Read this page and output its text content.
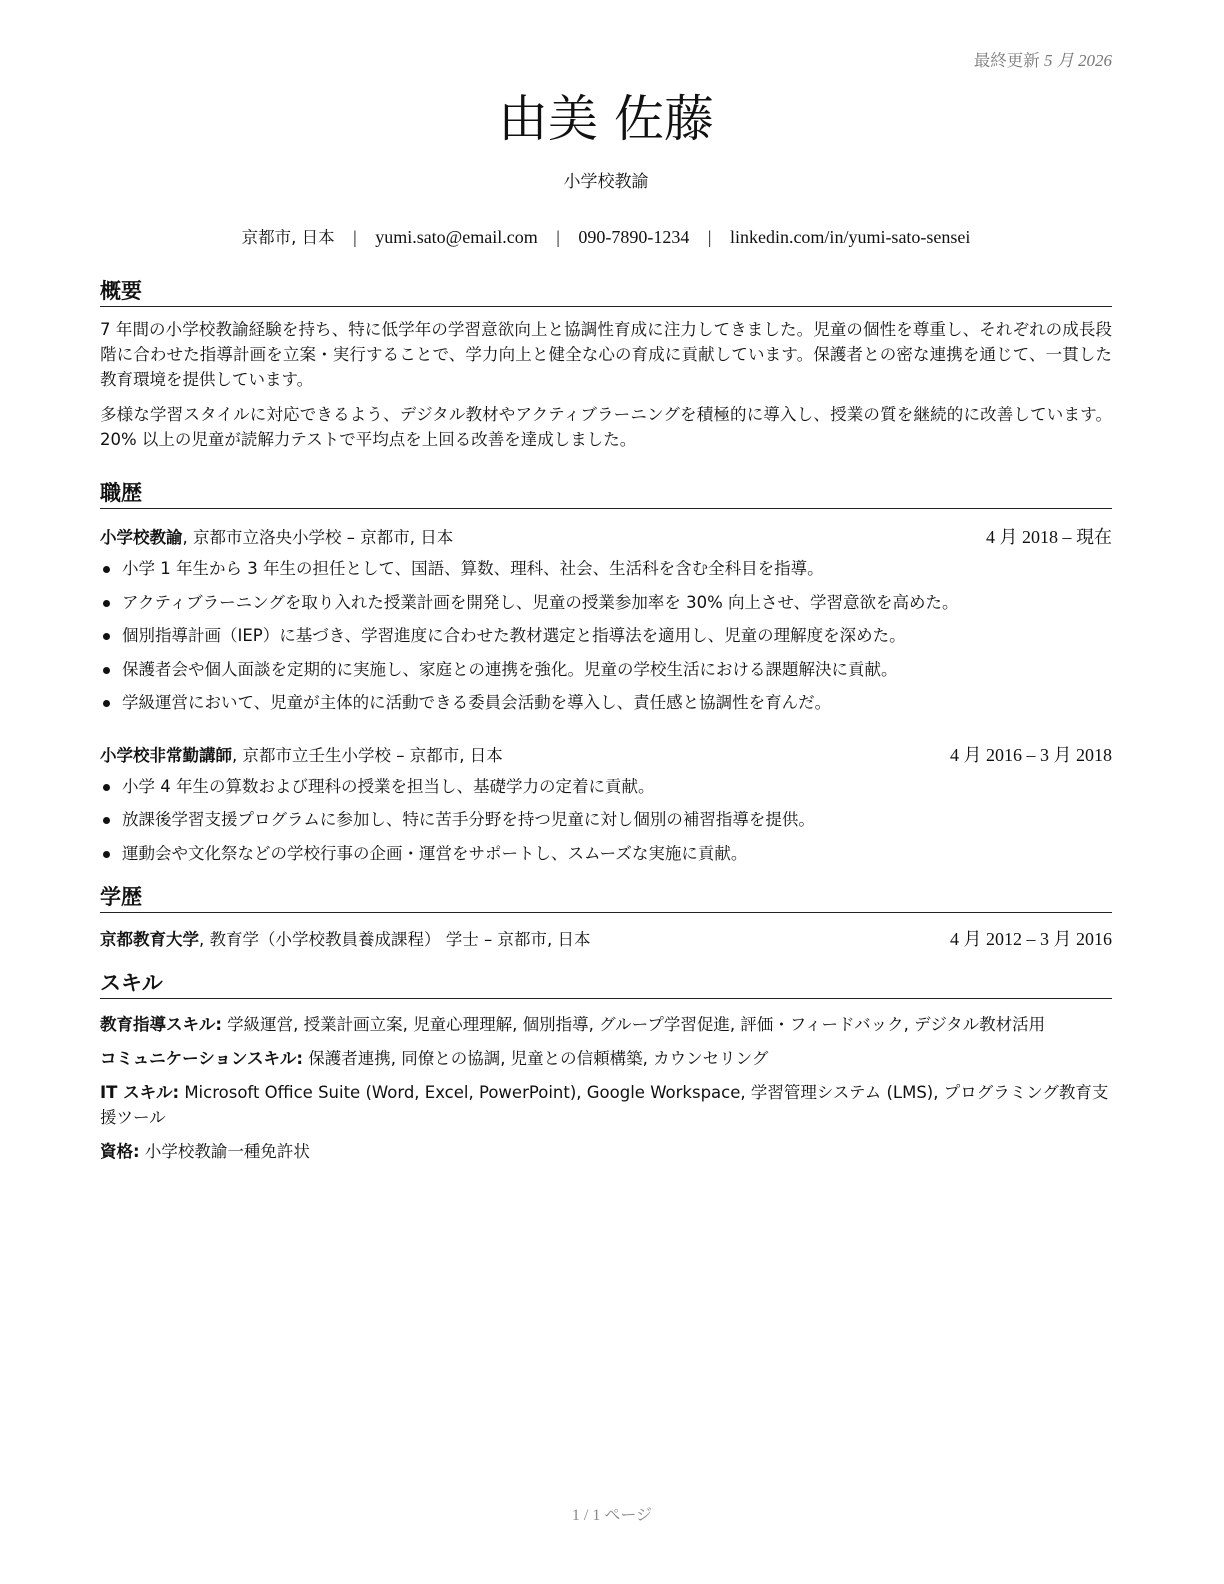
最終更新 5 月 2026
由美 佐藤
小学校教諭
京都市, 日本 | yumi.sato@email.com | 090-7890-1234 | linkedin.com/in/yumi-sato-sensei
概要

7 年間の小学校教諭経験を持ち、特に低学年の学習意欲向上と協調性育成に注力してきました。児童の個性を尊重し、それぞれの成長段階に合わせた指導計画を立案・実行することで、学力向上と健全な心の育成に貢献しています。保護者との密な連携を通じて、一貫した教育環境を提供しています。

多様な学習スタイルに対応できるよう、デジタル教材やアクティブラーニングを積極的に導入し、授業の質を継続的に改善しています。20% 以上の児童が読解力テストで平均点を上回る改善を達成しました。

職歴
小学校教諭, 京都市立洛央小学校 – 京都市, 日本	4 月 2018 – 現在
小学 1 年生から 3 年生の担任として、国語、算数、理科、社会、生活科を含む全科目を指導。
アクティブラーニングを取り入れた授業計画を開発し、児童の授業参加率を 30% 向上させ、学習意欲を高めた。
個別指導計画（IEP）に基づき、学習進度に合わせた教材選定と指導法を適用し、児童の理解度を深めた。
保護者会や個人面談を定期的に実施し、家庭との連携を強化。児童の学校生活における課題解決に貢献。
学級運営において、児童が主体的に活動できる委員会活動を導入し、責任感と協調性を育んだ。
小学校非常勤講師, 京都市立壬生小学校 – 京都市, 日本	4 月 2016 – 3 月 2018
小学 4 年生の算数および理科の授業を担当し、基礎学力の定着に貢献。
放課後学習支援プログラムに参加し、特に苦手分野を持つ児童に対し個別の補習指導を提供。
運動会や文化祭などの学校行事の企画・運営をサポートし、スムーズな実施に貢献。
学歴
京都教育大学, 教育学（小学校教員養成課程） 学士 – 京都市, 日本	4 月 2012 – 3 月 2016
スキル

教育指導スキル: 学級運営, 授業計画立案, 児童心理理解, 個別指導, グループ学習促進, 評価・フィードバック, デジタル教材活用

コミュニケーションスキル: 保護者連携, 同僚との協調, 児童との信頼構築, カウンセリング

IT スキル: Microsoft Office Suite (Word, Excel, PowerPoint), Google Workspace, 学習管理システム (LMS), プログラミング教育支援ツール

資格: 小学校教諭一種免許状

1 / 1 ページ
